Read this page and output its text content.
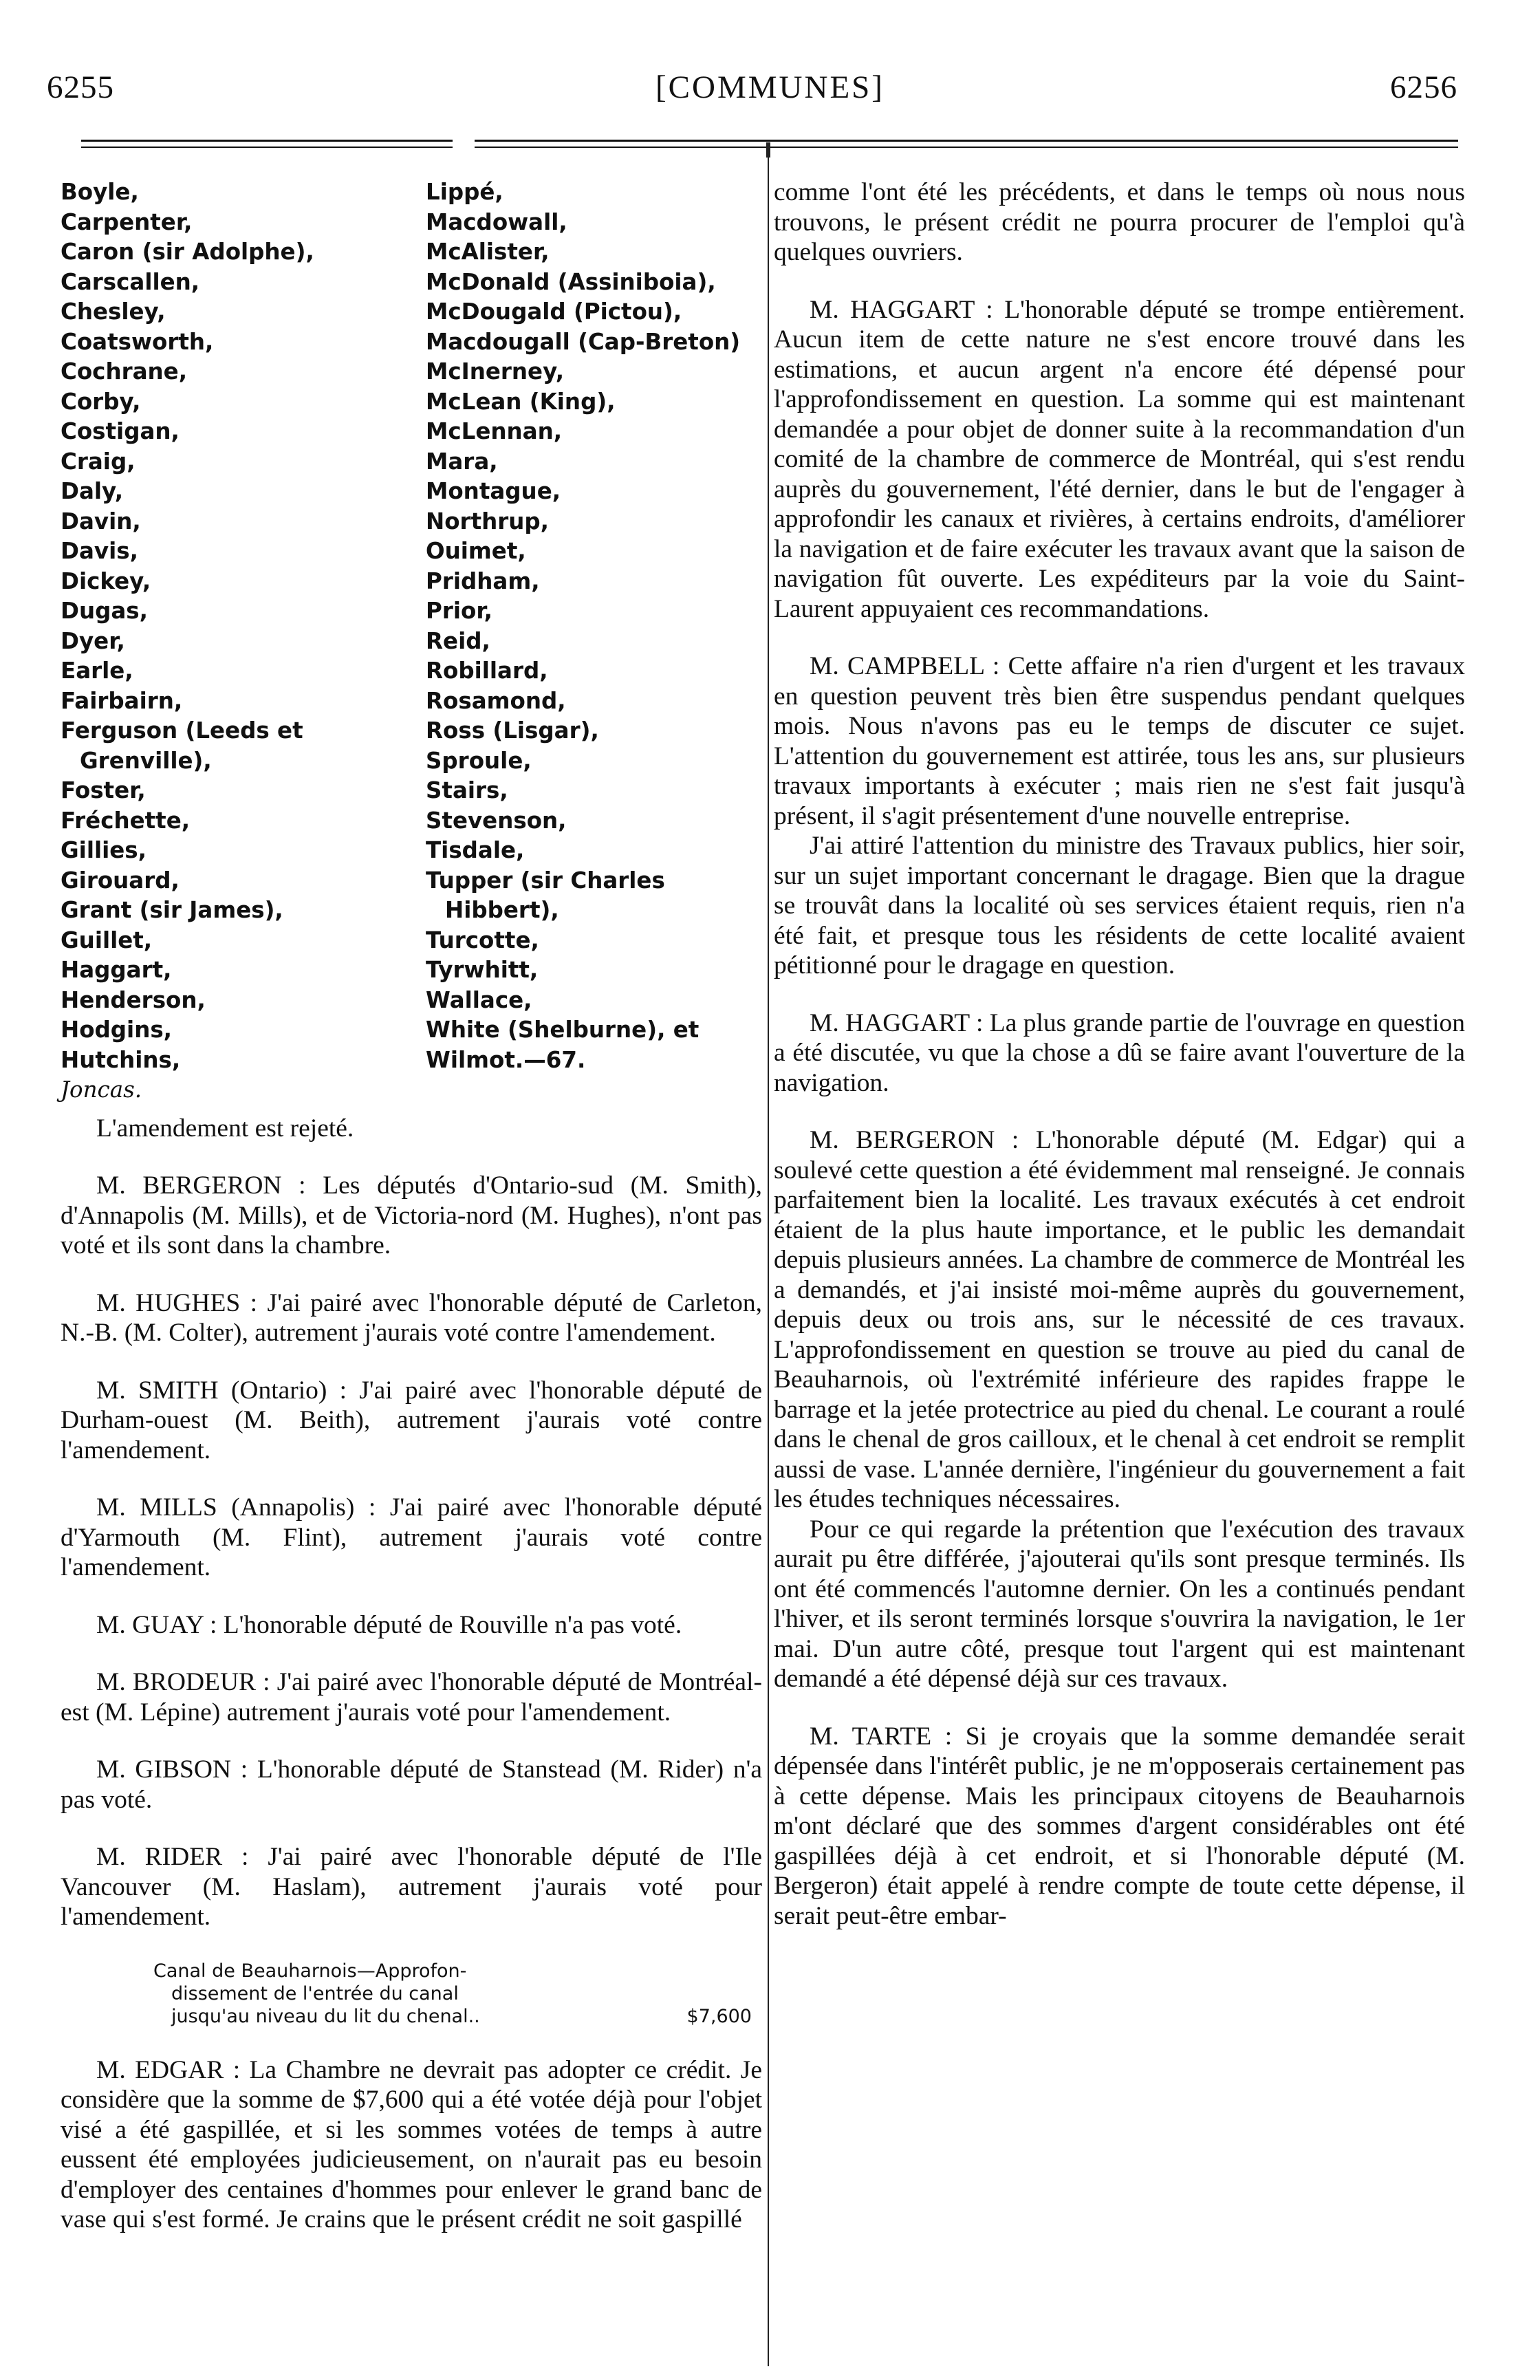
6255	[COMMUNES]	6256
Boyle,
Carpenter,
Caron (sir Adolphe),
Carscallen,
Chesley,
Coatsworth,
Cochrane,
Corby,
Costigan,
Craig,
Daly,
Davin,
Davis,
Dickey,
Dugas,
Dyer,
Earle,
Fairbairn,
Ferguson (Leeds et
Grenville),
Foster,
Fréchette,
Gillies,
Girouard,
Grant (sir James),
Guillet,
Haggart,
Henderson,
Hodgins,
Hutchins,
Joncas.
Lippé,
Macdowall,
McAlister,
McDonald (Assiniboia),
McDougald (Pictou),
Macdougall (Cap-Breton)
McInerney,
McLean (King),
McLennan,
Mara,
Montague,
Northrup,
Ouimet,
Pridham,
Prior,
Reid,
Robillard,
Rosamond,
Ross (Lisgar),
Sproule,
Stairs,
Stevenson,
Tisdale,
Tupper (sir Charles
Hibbert),
Turcotte,
Tyrwhitt,
Wallace,
White (Shelburne), et
Wilmot.—67.

L'amendement est rejeté.

M. BERGERON : Les députés d'Ontario-sud (M. Smith), d'Annapolis (M. Mills), et de Victoria-nord (M. Hughes), n'ont pas voté et ils sont dans la chambre.

M. HUGHES : J'ai pairé avec l'honorable député de Carleton, N.-B. (M. Colter), autrement j'aurais voté contre l'amendement.

M. SMITH (Ontario) : J'ai pairé avec l'honorable député de Durham-ouest (M. Beith), autrement j'aurais voté contre l'amendement.

M. MILLS (Annapolis) : J'ai pairé avec l'honorable député d'Yarmouth (M. Flint), autrement j'aurais voté contre l'amendement.

M. GUAY : L'honorable député de Rouville n'a pas voté.

M. BRODEUR : J'ai pairé avec l'honorable député de Montréal-est (M. Lépine) autrement j'aurais voté pour l'amendement.

M. GIBSON : L'honorable député de Stanstead (M. Rider) n'a pas voté.

M. RIDER : J'ai pairé avec l'honorable député de l'Ile Vancouver (M. Haslam), autrement j'aurais voté pour l'amendement.

Canal de Beauharnois—Approfon-
dissement de l'entrée du canal
jusqu'au niveau du lit du chenal..	$7,600

M. EDGAR : La Chambre ne devrait pas adopter ce crédit. Je considère que la somme de $7,600 qui a été votée déjà pour l'objet visé a été gaspillée, et si les sommes votées de temps à autre eussent été employées judicieusement, on n'aurait pas eu besoin d'employer des centaines d'hommes pour enlever le grand banc de vase qui s'est formé. Je crains que le présent crédit ne soit gaspillé

comme l'ont été les précédents, et dans le temps où nous nous trouvons, le présent crédit ne pourra procurer de l'emploi qu'à quelques ouvriers.

M. HAGGART : L'honorable député se trompe entièrement. Aucun item de cette nature ne s'est encore trouvé dans les estimations, et aucun argent n'a encore été dépensé pour l'approfondissement en question. La somme qui est maintenant demandée a pour objet de donner suite à la recommandation d'un comité de la chambre de commerce de Montréal, qui s'est rendu auprès du gouvernement, l'été dernier, dans le but de l'engager à approfondir les canaux et rivières, à certains endroits, d'améliorer la navigation et de faire exécuter les travaux avant que la saison de navigation fût ouverte. Les expéditeurs par la voie du Saint-Laurent appuyaient ces recommandations.

M. CAMPBELL : Cette affaire n'a rien d'urgent et les travaux en question peuvent très bien être suspendus pendant quelques mois. Nous n'avons pas eu le temps de discuter ce sujet. L'attention du gouvernement est attirée, tous les ans, sur plusieurs travaux importants à exécuter ; mais rien ne s'est fait jusqu'à présent, il s'agit présentement d'une nouvelle entreprise.

J'ai attiré l'attention du ministre des Travaux publics, hier soir, sur un sujet important concernant le dragage. Bien que la drague se trouvât dans la localité où ses services étaient requis, rien n'a été fait, et presque tous les résidents de cette localité avaient pétitionné pour le dragage en question.

M. HAGGART : La plus grande partie de l'ouvrage en question a été discutée, vu que la chose a dû se faire avant l'ouverture de la navigation.

M. BERGERON : L'honorable député (M. Edgar) qui a soulevé cette question a été évidemment mal renseigné. Je connais parfaitement bien la localité. Les travaux exécutés à cet endroit étaient de la plus haute importance, et le public les demandait depuis plusieurs années. La chambre de commerce de Montréal les a demandés, et j'ai insisté moi-même auprès du gouvernement, depuis deux ou trois ans, sur le nécessité de ces travaux. L'approfondissement en question se trouve au pied du canal de Beauharnois, où l'extrémité inférieure des rapides frappe le barrage et la jetée protectrice au pied du chenal. Le courant a roulé dans le chenal de gros cailloux, et le chenal à cet endroit se remplit aussi de vase. L'année dernière, l'ingénieur du gouvernement a fait les études techniques nécessaires.

Pour ce qui regarde la prétention que l'exécution des travaux aurait pu être différée, j'ajouterai qu'ils sont presque terminés. Ils ont été commencés l'automne dernier. On les a continués pendant l'hiver, et ils seront terminés lorsque s'ouvrira la navigation, le 1er mai. D'un autre côté, presque tout l'argent qui est maintenant demandé a été dépensé déjà sur ces travaux.

M. TARTE : Si je croyais que la somme demandée serait dépensée dans l'intérêt public, je ne m'opposerais certainement pas à cette dépense. Mais les principaux citoyens de Beauharnois m'ont déclaré que des sommes d'argent considérables ont été gaspillées déjà à cet endroit, et si l'honorable député (M. Bergeron) était appelé à rendre compte de toute cette dépense, il serait peut-être embar-
